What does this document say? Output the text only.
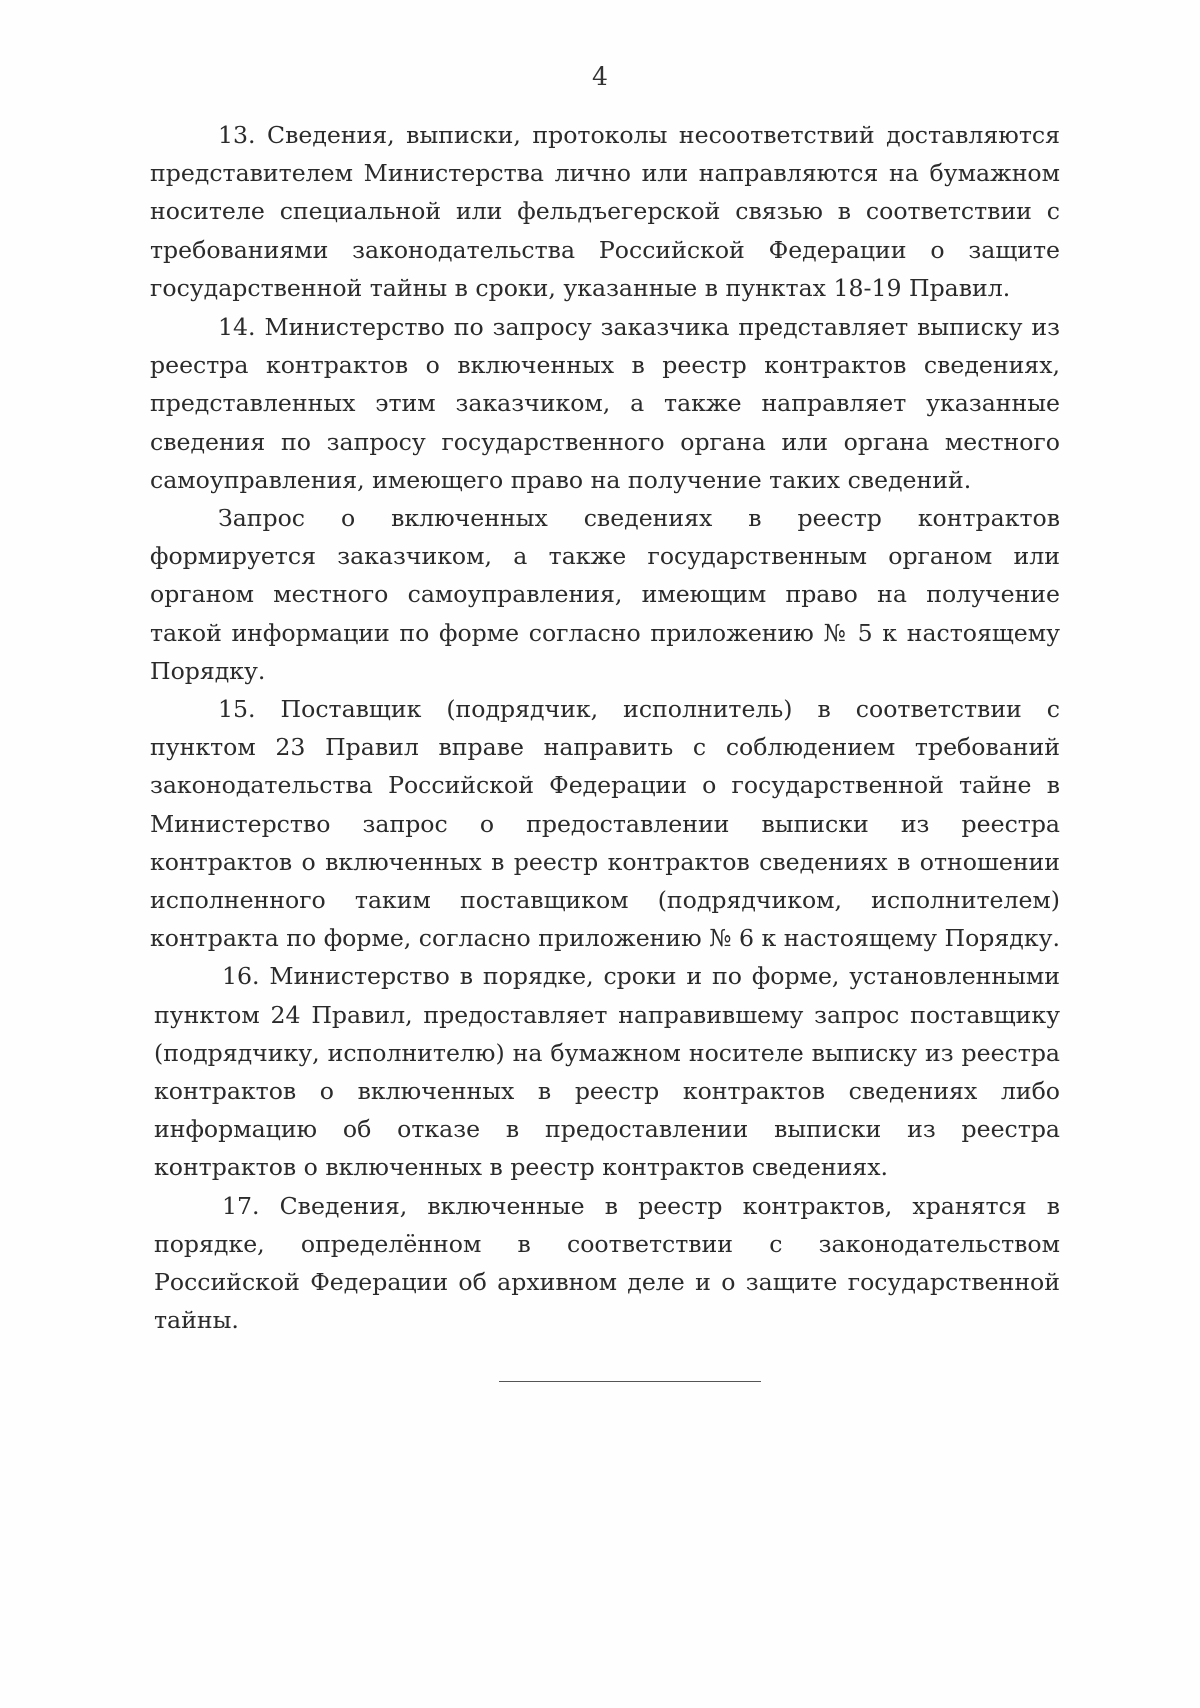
4

13. Сведения, выписки, протоколы несоответствий доставляются представителем Министерства лично или направляются на бумажном носителе специальной или фельдъегерской связью в соответствии с требованиями законодательства Российской Федерации о защите государственной тайны в сроки, указанные в пунктах 18-19 Правил.

14. Министерство по запросу заказчика представляет выписку из реестра контрактов о включенных в реестр контрактов сведениях, представленных этим заказчиком, а также направляет указанные сведения по запросу государственного органа или органа местного самоуправления, имеющего право на получение таких сведений.

Запрос о включенных сведениях в реестр контрактов формируется заказчиком, а также государственным органом или органом местного самоуправления, имеющим право на получение такой информации по форме согласно приложению № 5 к настоящему Порядку.

15. Поставщик (подрядчик, исполнитель) в соответствии с пунктом 23 Правил вправе направить с соблюдением требований законодательства Российской Федерации о государственной тайне в Министерство запрос о предоставлении выписки из реестра контрактов о включенных в реестр контрактов сведениях в отношении исполненного таким поставщиком (подрядчиком, исполнителем) контракта по форме, согласно приложению № 6 к настоящему Порядку.

16. Министерство в порядке, сроки и по форме, установленными пунктом 24 Правил, предоставляет направившему запрос поставщику (подрядчику, исполнителю) на бумажном носителе выписку из реестра контрактов о включенных в реестр контрактов сведениях либо информацию об отказе в предоставлении выписки из реестра контрактов о включенных в реестр контрактов сведениях.

17. Сведения, включенные в реестр контрактов, хранятся в порядке, определённом в соответствии с законодательством Российской Федерации об архивном деле и о защите государственной тайны.
